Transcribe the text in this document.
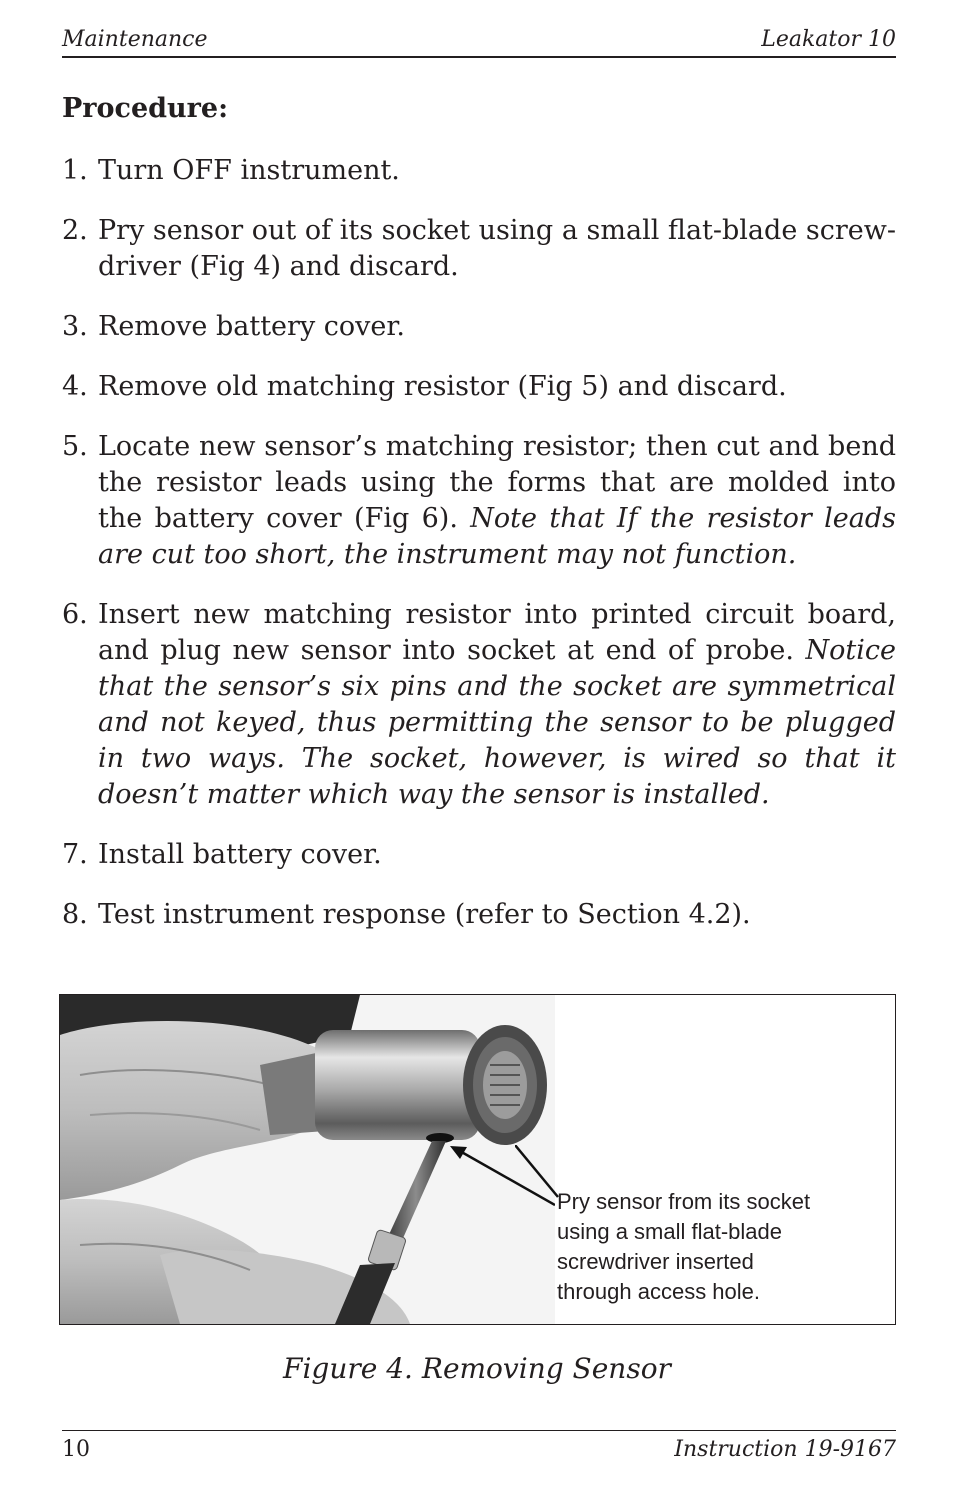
Maintenance	Leakator 10
Procedure:
1. Turn OFF instrument.
2. Pry sensor out of its socket using a small flat-blade screwdriver (Fig 4) and discard.
3. Remove battery cover.
4. Remove old matching resistor (Fig 5) and discard.
5. Locate new sensor’s matching resistor; then cut and bend the resistor leads using the forms that are molded into the battery cover (Fig 6). Note that If the resistor leads are cut too short, the instrument may not function.
6. Insert new matching resistor into printed circuit board, and plug new sensor into socket at end of probe. Notice that the sensor’s six pins and the socket are symmetrical and not keyed, thus permitting the sensor to be plugged in two ways. The socket, however, is wired so that it doesn’t matter which way the sensor is installed.
7. Install battery cover.
8. Test instrument response (refer to Section 4.2).
Pry sensor from its socket
using a small flat-blade
screwdriver inserted
through access hole.
Figure 4. Removing Sensor
10	Instruction 19-9167
